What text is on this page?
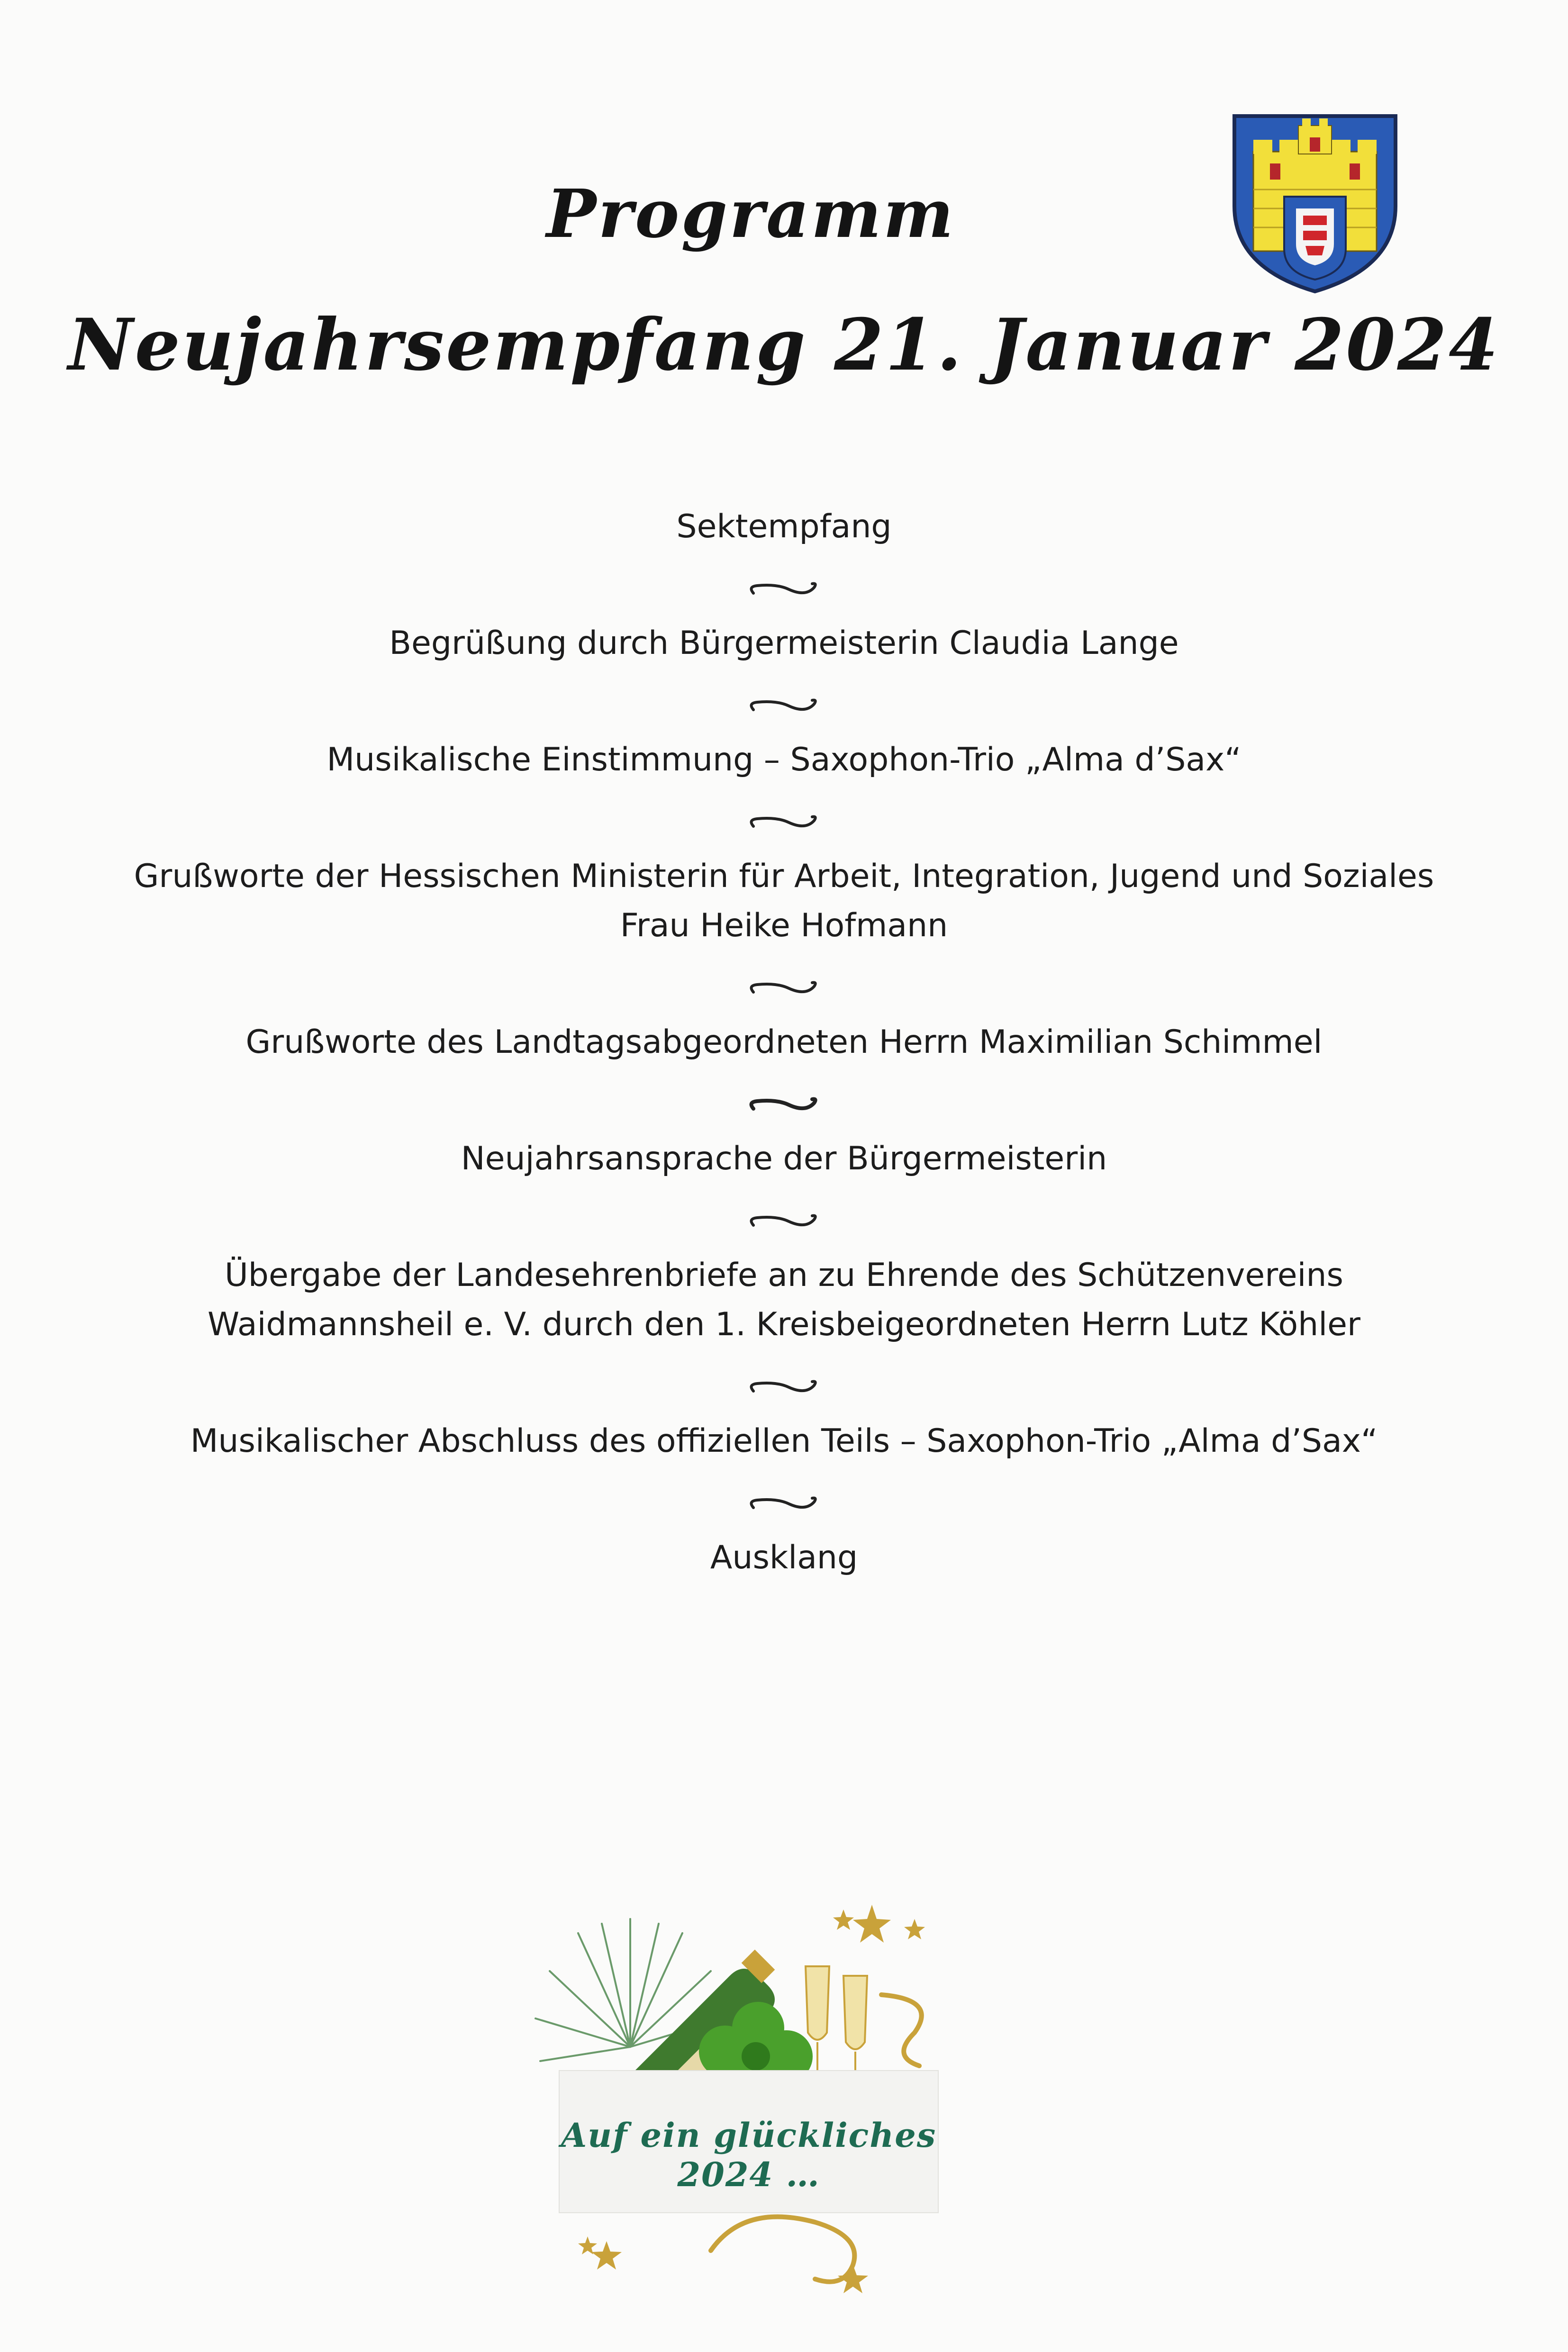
Programm
Neujahrsempfang 21. Januar 2024

Sektempfang

Begrüßung durch Bürgermeisterin Claudia Lange

Musikalische Einstimmung – Saxophon-Trio „Alma d’Sax“

Grußworte der Hessischen Ministerin für Arbeit, Integration, Jugend und Soziales

Frau Heike Hofmann

Grußworte des Landtagsabgeordneten Herrn Maximilian Schimmel

Neujahrsansprache der Bürgermeisterin

Übergabe der Landesehrenbriefe an zu Ehrende des Schützenvereins

Waidmannsheil e. V. durch den 1. Kreisbeigeordneten Herrn Lutz Köhler

Musikalischer Abschluss des offiziellen Teils – Saxophon-Trio „Alma d’Sax“

Ausklang

Auf ein glückliches 2024 …
